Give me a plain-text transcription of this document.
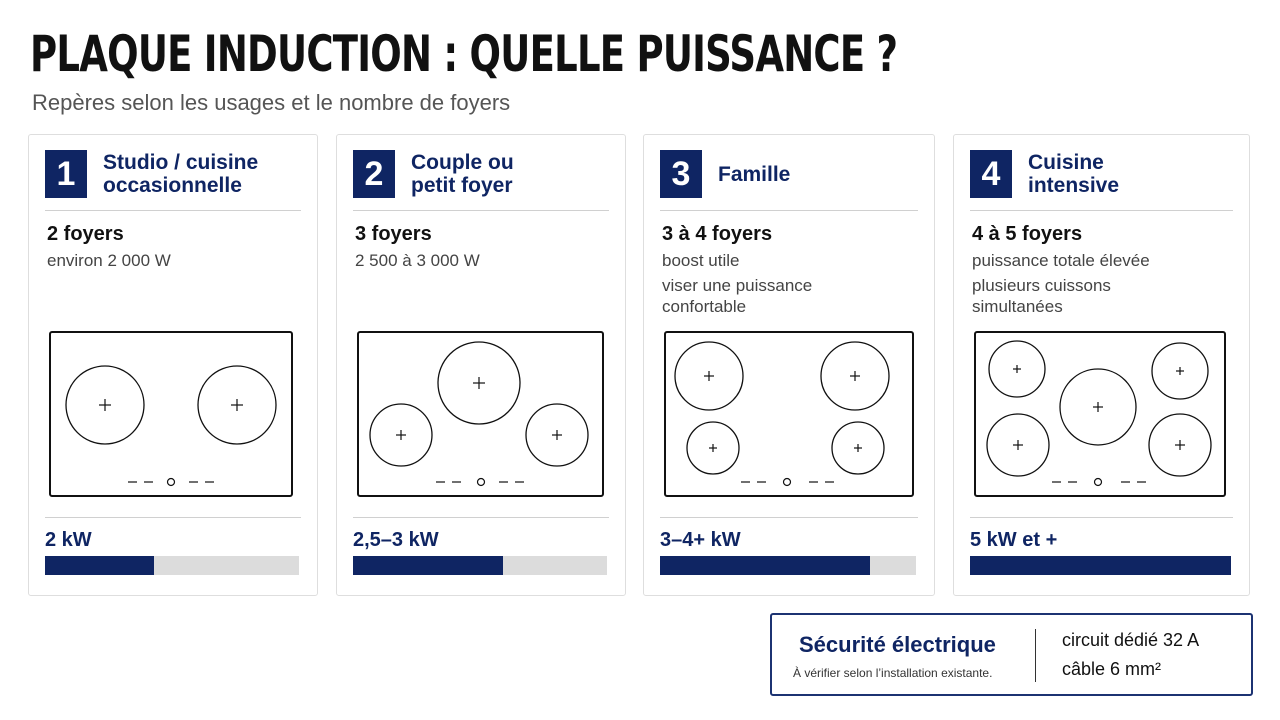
PLAQUE INDUCTION : QUELLE PUISSANCE ?
Repères selon les usages et le nombre de foyers
1	Studio / cuisine occasionnelle
2 foyers
environ 2 000 W
2 kW
2	Couple ou petit foyer
3 foyers
2 500 à 3 000 W
2,5–3 kW
3	Famille
3 à 4 foyers
boost utile
viser une puissance confortable
3–4+ kW
4	Cuisine intensive
4 à 5 foyers
puissance totale élevée
plusieurs cuissons simultanées
5 kW et +
Sécurité électrique
À vérifier selon l’installation existante.
circuit dédié 32 A
câble 6 mm²
